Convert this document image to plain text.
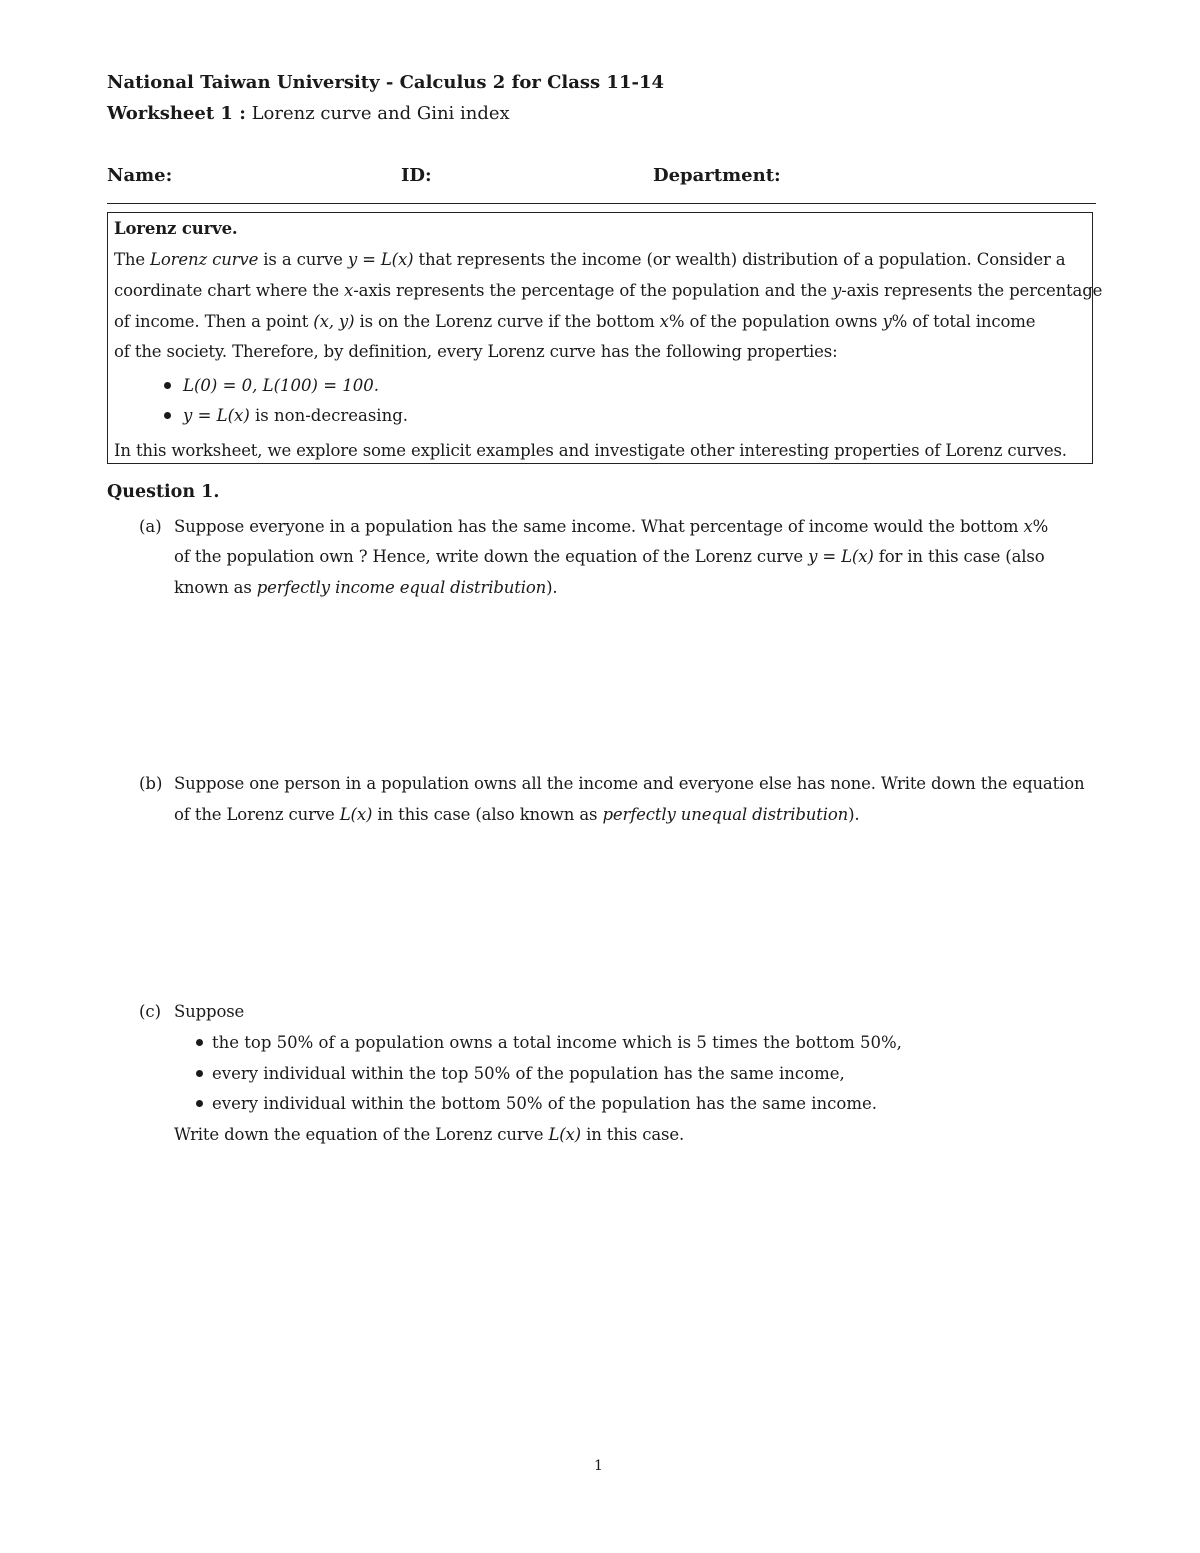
National Taiwan University - Calculus 2 for Class 11-14
Worksheet 1 : Lorenz curve and Gini index
Name:	ID:	Department:
Lorenz curve.
The Lorenz curve is a curve y = L(x) that represents the income (or wealth) distribution of a population. Consider a
coordinate chart where the x-axis represents the percentage of the population and the y-axis represents the percentage
of income. Then a point (x, y) is on the Lorenz curve if the bottom x% of the population owns y% of total income
of the society. Therefore, by definition, every Lorenz curve has the following properties:
L(0) = 0, L(100) = 100.
y = L(x) is non-decreasing.
In this worksheet, we explore some explicit examples and investigate other interesting properties of Lorenz curves.
Question 1.
(a) Suppose everyone in a population has the same income. What percentage of income would the bottom x%
of the population own ? Hence, write down the equation of the Lorenz curve y = L(x) for in this case (also
known as perfectly income equal distribution).
(b) Suppose one person in a population owns all the income and everyone else has none. Write down the equation
of the Lorenz curve L(x) in this case (also known as perfectly unequal distribution).
(c) Suppose
the top 50% of a population owns a total income which is 5 times the bottom 50%,
every individual within the top 50% of the population has the same income,
every individual within the bottom 50% of the population has the same income.
Write down the equation of the Lorenz curve L(x) in this case.
1
